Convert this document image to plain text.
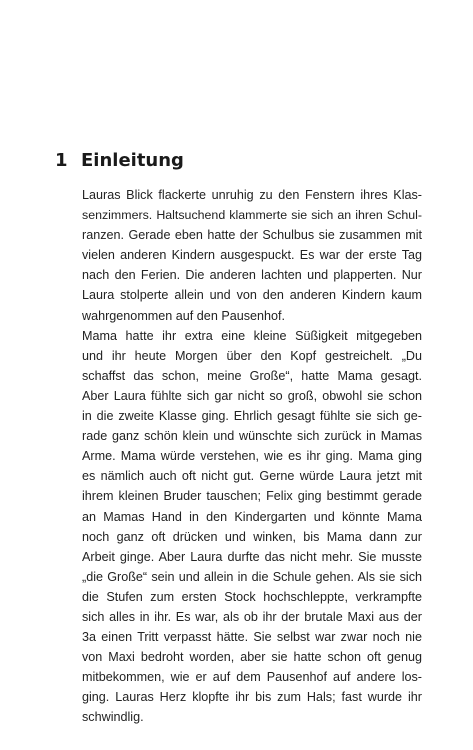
1 Einleitung
Lauras Blick flackerte unruhig zu den Fenstern ihres Klas-
senzimmers. Haltsuchend klammerte sie sich an ihren Schul-
ranzen. Gerade eben hatte der Schulbus sie zusammen mit
vielen anderen Kindern ausgespuckt. Es war der erste Tag
nach den Ferien. Die anderen lachten und plapperten. Nur
Laura stolperte allein und von den anderen Kindern kaum
wahrgenommen auf den Pausenhof.
Mama hatte ihr extra eine kleine Süßigkeit mitgegeben
und ihr heute Morgen über den Kopf gestreichelt. „Du
schaffst das schon, meine Große“, hatte Mama gesagt.
Aber Laura fühlte sich gar nicht so groß, obwohl sie schon
in die zweite Klasse ging. Ehrlich gesagt fühlte sie sich ge-
rade ganz schön klein und wünschte sich zurück in Mamas
Arme. Mama würde verstehen, wie es ihr ging. Mama ging
es nämlich auch oft nicht gut. Gerne würde Laura jetzt mit
ihrem kleinen Bruder tauschen; Felix ging bestimmt gerade
an Mamas Hand in den Kindergarten und könnte Mama
noch ganz oft drücken und winken, bis Mama dann zur
Arbeit ginge. Aber Laura durfte das nicht mehr. Sie musste
„die Große“ sein und allein in die Schule gehen. Als sie sich
die Stufen zum ersten Stock hochschleppte, verkrampfte
sich alles in ihr. Es war, als ob ihr der brutale Maxi aus der
3a einen Tritt verpasst hätte. Sie selbst war zwar noch nie
von Maxi bedroht worden, aber sie hatte schon oft genug
mitbekommen, wie er auf dem Pausenhof auf andere los-
ging. Lauras Herz klopfte ihr bis zum Hals; fast wurde ihr
schwindlig.
